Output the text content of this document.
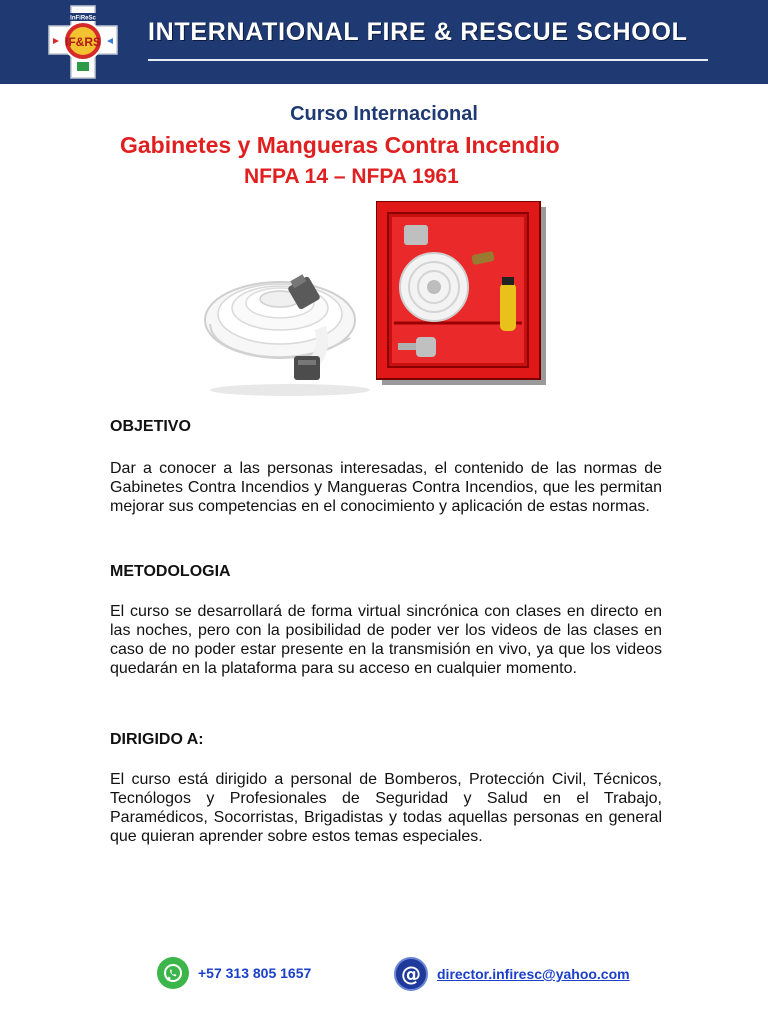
IF&RS
InFiReSc INTERNATIONAL FIRE & RESCUE SCHOOL
Curso Internacional
Gabinetes y Mangueras Contra Incendio
NFPA 14 – NFPA 1961
OBJETIVO
Dar a conocer a las personas interesadas, el contenido de las normas de Gabinetes Contra Incendios y Mangueras Contra Incendios, que les permitan mejorar sus competencias en el conocimiento y aplicación de estas normas.
METODOLOGIA
El curso se desarrollará de forma virtual sincrónica con clases en directo en las noches, pero con la posibilidad de poder ver los videos de las clases en caso de no poder estar presente en la transmisión en vivo, ya que los videos quedarán en la plataforma para su acceso en cualquier momento.
DIRIGIDO A:
El curso está dirigido a personal de Bomberos, Protección Civil, Técnicos, Tecnólogos y Profesionales de Seguridad y Salud en el Trabajo, Paramédicos, Socorristas, Brigadistas y todas aquellas personas en general que quieran aprender sobre estos temas especiales.
+57 313 805 1657	@ director.infiresc@yahoo.com
